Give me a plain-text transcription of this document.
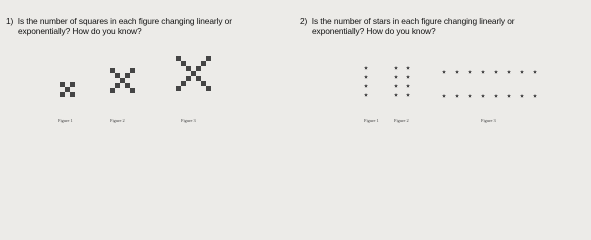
1) Is the number of squares in each figure changing linearly or

exponentially? How do you know?

2) Is the number of stars in each figure changing linearly or

exponentially? How do you know?

Figure 1	Figure 2	Figure 3	Figure 1	Figure 2	Figure 3
